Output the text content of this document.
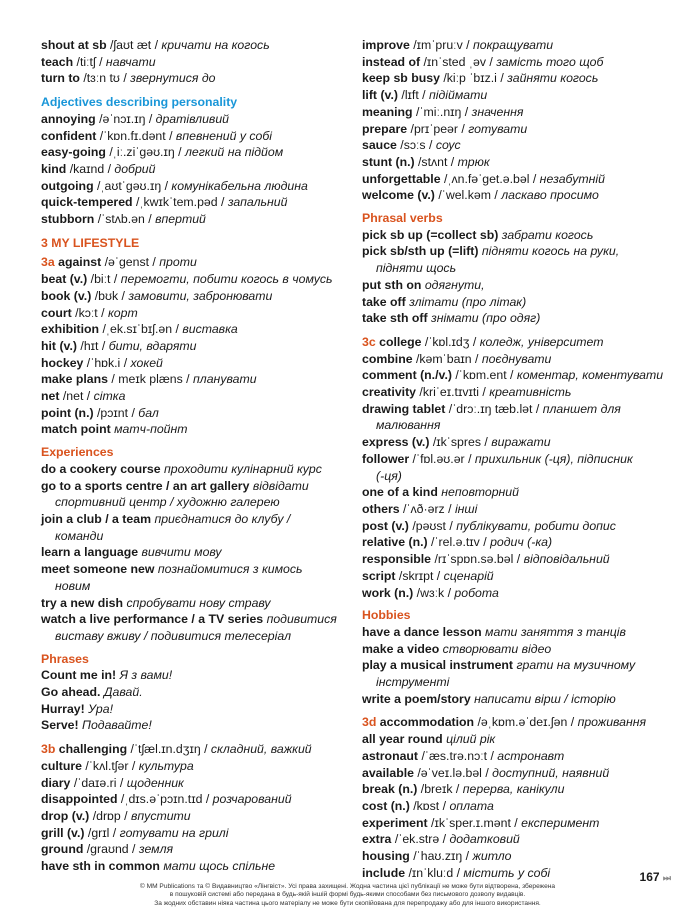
shout at sb /ʃaʊt æt / кричати на когось
teach /tiːtʃ / навчати
turn to /tɜːn tʊ / звернутися до
Adjectives describing personality
annoying /əˈnɔɪ.ɪŋ / дратівливий
confident /ˈkɒn.fɪ.dənt / впевнений у собі
easy-going /ˌiː.ziˈɡəʊ.ɪŋ / легкий на підйом
kind /kaɪnd / добрий
outgoing /ˌaʊtˈɡəʊ.ɪŋ / комунікабельна людина
quick-tempered /ˌkwɪkˈtem.pəd / запальний
stubborn /ˈstʌb.ən / впертий
3 MY LIFESTYLE
3a against /əˈɡenst / проти
beat (v.) /biːt / перемогти, побити когось в чомусь
book (v.) /bʊk / замовити, забронювати
court /kɔːt / корт
exhibition /ˌek.sɪˈbɪʃ.ən / виставка
hit (v.) /hɪt / бити, вдаряти
hockey /ˈhɒk.i / хокей
make plans / meɪk plæns / планувати
net /net / сітка
point (n.) /pɔɪnt / бал
match point матч-пойнт
Experiences
do a cookery course проходити кулінарний курс
go to a sports centre / an art gallery відвідати
спортивний центр / художню галерею
join a club / a team приєднатися до клубу /
команди
learn a language вивчити мову
meet someone new познайомитися з кимось
новим
try a new dish спробувати нову страву
watch a live performance / a TV series подивитися
виставу вживу / подивитися телесеріал
Phrases
Count me in! Я з вами!
Go ahead. Давай.
Hurray! Ура!
Serve! Подавайте!
3b challenging /ˈtʃæl.ɪn.dʒɪŋ / складний, важкий
culture /ˈkʌl.tʃər / культура
diary /ˈdaɪə.ri / щоденник
disappointed /ˌdɪs.əˈpɔɪn.tɪd / розчарований
drop (v.) /drɒp / впустити
grill (v.) /ɡrɪl / готувати на грилі
ground /ɡraʊnd / земля
have sth in common мати щось спільне
improve /ɪmˈpruːv / покращувати
instead of /ɪnˈsted ˌəv / замість того щоб
keep sb busy /kiːp ˈbɪz.i / зайняти когось
lift (v.) /lɪft / підіймати
meaning /ˈmiː.nɪŋ / значення
prepare /prɪˈpeər / готувати
sauce /sɔːs / соус
stunt (n.) /stʌnt / трюк
unforgettable /ˌʌn.fəˈɡet.ə.bəl / незабутній
welcome (v.) /ˈwel.kəm / ласкаво просимо
Phrasal verbs
pick sb up (=collect sb) забрати когось
pick sb/sth up (=lift) підняти когось на руки,
підняти щось
put sth on одягнути,
take off злітати (про літак)
take sth off знімати (про одяг)
3c college /ˈkɒl.ɪdʒ / коледж, університет
combine /kəmˈbaɪn / поєднувати
comment (n./v.) /ˈkɒm.ent / коментар, коментувати
creativity /kriˈeɪ.tɪvɪti / креативність
drawing tablet /ˈdrɔː.ɪŋ tæb.lət / планшет для
малювання
express (v.) /ɪkˈspres / виражати
follower /ˈfɒl.əʊ.ər / прихильник (-ця), підписник
(-ця)
one of a kind неповторний
others /ˈʌð·ərz / інші
post (v.) /pəʊst / публікувати, робити допис
relative (n.) /ˈrel.ə.tɪv / родич (-ка)
responsible /rɪˈspɒn.sə.bəl / відповідальний
script /skrɪpt / сценарій
work (n.) /wɜːk / робота
Hobbies
have a dance lesson мати заняття з танців
make a video створювати відео
play a musical instrument грати на музичному
інструменті
write a poem/story написати вірш / історію
3d accommodation /əˌkɒm.əˈdeɪ.ʃən / проживання
all year round цілий рік
astronaut /ˈæs.trə.nɔːt / астронавт
available /əˈveɪ.lə.bəl / доступний, наявний
break (n.) /breɪk / перерва, канікули
cost (n.) /kɒst / оплата
experiment /ɪkˈsper.ɪ.mənt / експеримент
extra /ˈek.strə / додатковий
housing /ˈhaʊ.zɪŋ / житло
include /ɪnˈkluːd / містить у собі	167 ⏭
© MM Publications та © Видавництво «Лінгвіст». Усі права захищені. Жодна частина цієї публікації не може бути відтворена, збережена
в пошуковій системі або передана в будь-якій іншій формі будь-якими способами без письмового дозволу видавців.
За жодних обставин ніяка частина цього матеріалу не може бути скопійована для перепродажу або для іншого використання.
